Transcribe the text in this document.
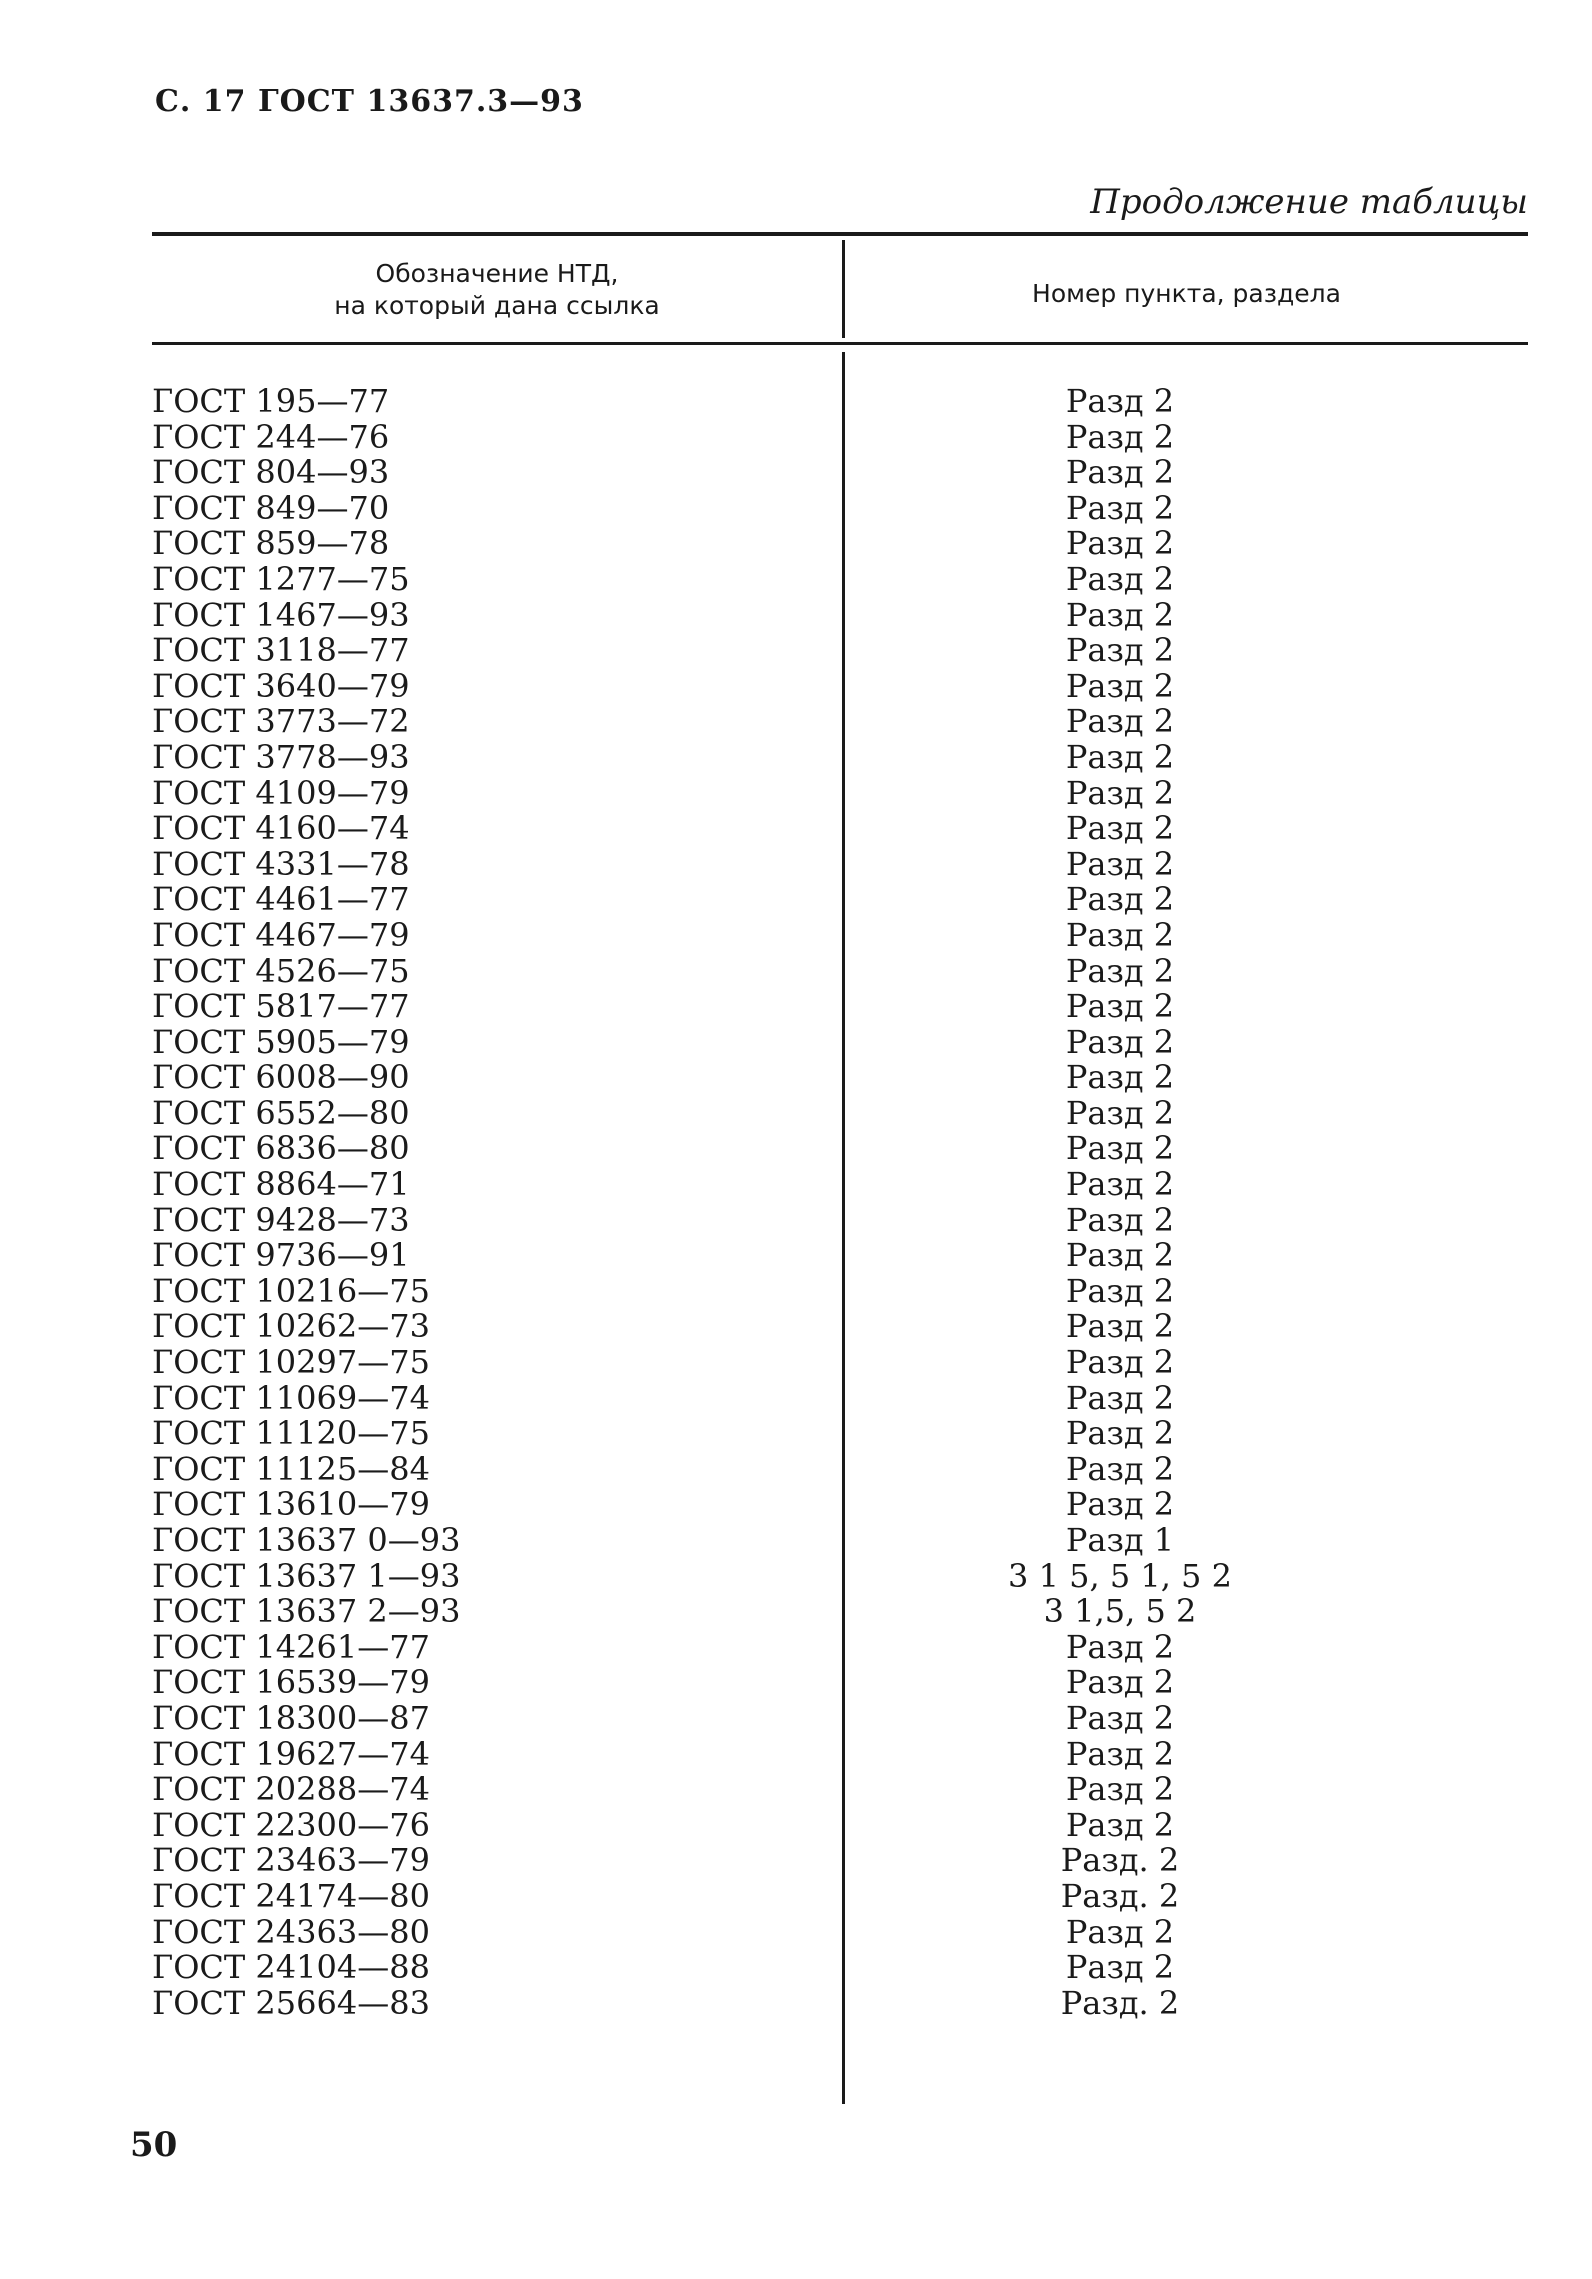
С. 17 ГОСТ 13637.3—93
Продолжение таблицы
Обозначение НТД,
на который дана ссылка	Номер пункта, раздела
ГОСТ 195—77	Разд 2
ГОСТ 244—76	Разд 2
ГОСТ 804—93	Разд 2
ГОСТ 849—70	Разд 2
ГОСТ 859—78	Разд 2
ГОСТ 1277—75	Разд 2
ГОСТ 1467—93	Разд 2
ГОСТ 3118—77	Разд 2
ГОСТ 3640—79	Разд 2
ГОСТ 3773—72	Разд 2
ГОСТ 3778—93	Разд 2
ГОСТ 4109—79	Разд 2
ГОСТ 4160—74	Разд 2
ГОСТ 4331—78	Разд 2
ГОСТ 4461—77	Разд 2
ГОСТ 4467—79	Разд 2
ГОСТ 4526—75	Разд 2
ГОСТ 5817—77	Разд 2
ГОСТ 5905—79	Разд 2
ГОСТ 6008—90	Разд 2
ГОСТ 6552—80	Разд 2
ГОСТ 6836—80	Разд 2
ГОСТ 8864—71	Разд 2
ГОСТ 9428—73	Разд 2
ГОСТ 9736—91	Разд 2
ГОСТ 10216—75	Разд 2
ГОСТ 10262—73	Разд 2
ГОСТ 10297—75	Разд 2
ГОСТ 11069—74	Разд 2
ГОСТ 11120—75	Разд 2
ГОСТ 11125—84	Разд 2
ГОСТ 13610—79	Разд 2
ГОСТ 13637 0—93	Разд 1
ГОСТ 13637 1—93	3 1 5, 5 1, 5 2
ГОСТ 13637 2—93	3 1,5, 5 2
ГОСТ 14261—77	Разд 2
ГОСТ 16539—79	Разд 2
ГОСТ 18300—87	Разд 2
ГОСТ 19627—74	Разд 2
ГОСТ 20288—74	Разд 2
ГОСТ 22300—76	Разд 2
ГОСТ 23463—79	Разд. 2
ГОСТ 24174—80	Разд. 2
ГОСТ 24363—80	Разд 2
ГОСТ 24104—88	Разд 2
ГОСТ 25664—83	Разд. 2
50
